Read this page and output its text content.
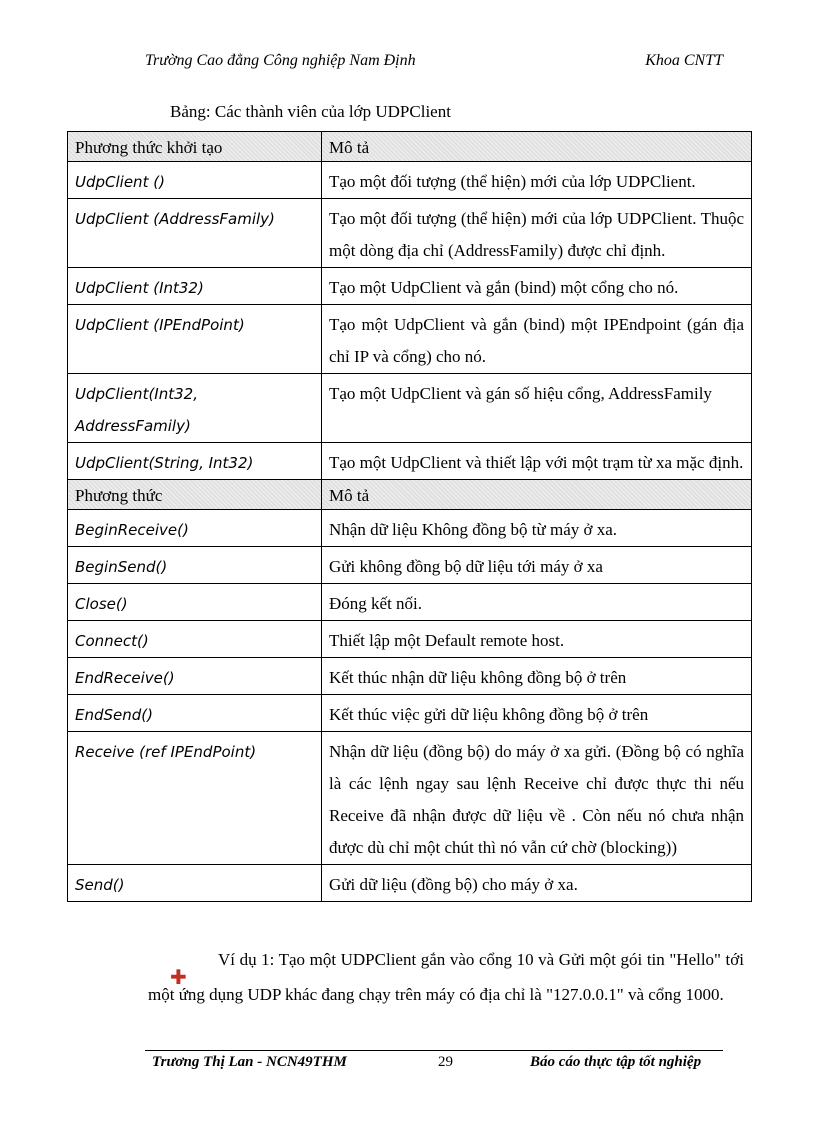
Trường Cao đẳng Công nghiệp Nam Định	Khoa CNTT
Bảng: Các thành viên của lớp UDPClient
Phương thức khởi tạo	Mô tả
UdpClient ()	Tạo một đối tượng (thể hiện) mới của lớp UDPClient.
UdpClient (AddressFamily)	Tạo một đối tượng (thể hiện) mới của lớp UDPClient. Thuộc một dòng địa chỉ (AddressFamily) được chỉ định.
UdpClient (Int32)	Tạo một UdpClient và gắn (bind) một cổng cho nó.
UdpClient (IPEndPoint)	Tạo một UdpClient và gắn (bind) một IPEndpoint (gán địa chỉ IP và cổng) cho nó.
UdpClient(Int32, AddressFamily)	Tạo một UdpClient và gán số hiệu cổng, AddressFamily
UdpClient(String, Int32)	Tạo một UdpClient và thiết lập với một trạm từ xa mặc định.
Phương thức	Mô tả
BeginReceive()	Nhận dữ liệu Không đồng bộ từ máy ở xa.
BeginSend()	Gửi không đồng bộ dữ liệu tới máy ở xa
Close()	Đóng kết nối.
Connect()	Thiết lập một Default remote host.
EndReceive()	Kết thúc nhận dữ liệu không đồng bộ ở trên
EndSend()	Kết thúc việc gửi dữ liệu không đồng bộ ở trên
Receive (ref IPEndPoint)	Nhận dữ liệu (đồng bộ) do máy ở xa gửi. (Đồng bộ có nghĩa là các lệnh ngay sau lệnh Receive chỉ được thực thi nếu Receive đã nhận được dữ liệu về . Còn nếu nó chưa nhận được dù chỉ một chút thì nó vẫn cứ chờ (blocking))
Send()	Gửi dữ liệu (đồng bộ) cho máy ở xa.
✚
Ví dụ 1: Tạo một UDPClient gắn vào cổng 10 và Gửi một gói tin "Hello" tới một ứng dụng UDP khác đang chạy trên máy có địa chỉ là "127.0.0.1" và cổng 1000.
Trương Thị Lan - NCN49THM	29	Báo cáo thực tập tốt nghiệp
